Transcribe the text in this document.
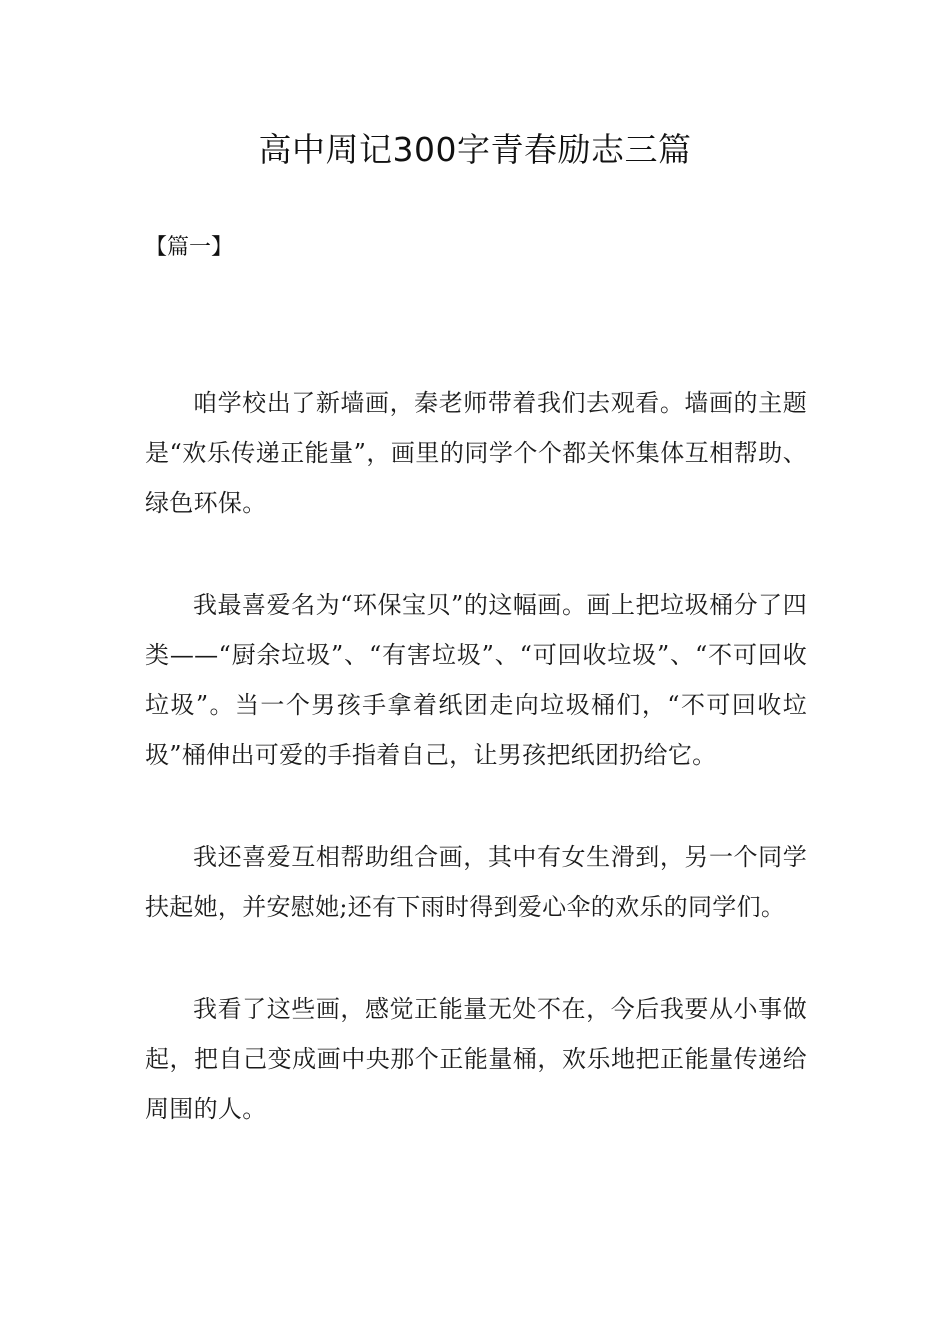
高中周记300字青春励志三篇
【篇一】

咱学校出了新墙画，秦老师带着我们去观看。墙画的主题是“欢乐传递正能量”，画里的同学个个都关怀集体互相帮助、绿色环保。

我最喜爱名为“环保宝贝”的这幅画。画上把垃圾桶分了四类——“厨余垃圾”、“有害垃圾”、“可回收垃圾”、“不可回收垃圾”。当一个男孩手拿着纸团走向垃圾桶们，“不可回收垃圾”桶伸出可爱的手指着自己，让男孩把纸团扔给它。

我还喜爱互相帮助组合画，其中有女生滑到，另一个同学扶起她，并安慰她;还有下雨时得到爱心伞的欢乐的同学们。

我看了这些画，感觉正能量无处不在，今后我要从小事做起，把自己变成画中央那个正能量桶，欢乐地把正能量传递给周围的人。
